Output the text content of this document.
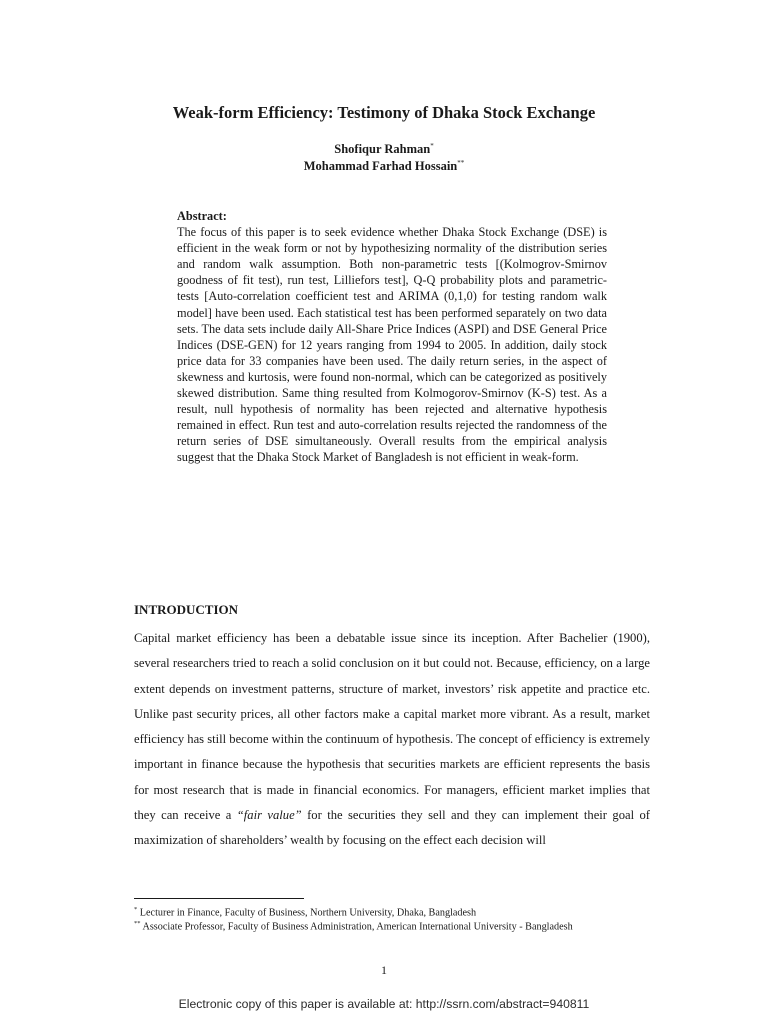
Weak-form Efficiency: Testimony of Dhaka Stock Exchange
Shofiqur Rahman*
Mohammad Farhad Hossain**
Abstract:
The focus of this paper is to seek evidence whether Dhaka Stock Exchange (DSE) is efficient in the weak form or not by hypothesizing normality of the distribution series and random walk assumption. Both non-parametric tests [(Kolmogrov-Smirnov goodness of fit test), run test, Lilliefors test], Q-Q probability plots and parametric-tests [Auto-correlation coefficient test and ARIMA (0,1,0) for testing random walk model] have been used. Each statistical test has been performed separately on two data sets. The data sets include daily All-Share Price Indices (ASPI) and DSE General Price Indices (DSE-GEN) for 12 years ranging from 1994 to 2005. In addition, daily stock price data for 33 companies have been used. The daily return series, in the aspect of skewness and kurtosis, were found non-normal, which can be categorized as positively skewed distribution. Same thing resulted from Kolmogorov-Smirnov (K-S) test. As a result, null hypothesis of normality has been rejected and alternative hypothesis remained in effect. Run test and auto-correlation results rejected the randomness of the return series of DSE simultaneously. Overall results from the empirical analysis suggest that the Dhaka Stock Market of Bangladesh is not efficient in weak-form.
INTRODUCTION
Capital market efficiency has been a debatable issue since its inception. After Bachelier (1900), several researchers tried to reach a solid conclusion on it but could not. Because, efficiency, on a large extent depends on investment patterns, structure of market, investors’ risk appetite and practice etc. Unlike past security prices, all other factors make a capital market more vibrant. As a result, market efficiency has still become within the continuum of hypothesis. The concept of efficiency is extremely important in finance because the hypothesis that securities markets are efficient represents the basis for most research that is made in financial economics. For managers, efficient market implies that they can receive a “fair value” for the securities they sell and they can implement their goal of maximization of shareholders’ wealth by focusing on the effect each decision will
* Lecturer in Finance, Faculty of Business, Northern University, Dhaka, Bangladesh
** Associate Professor, Faculty of Business Administration, American International University - Bangladesh
1
Electronic copy of this paper is available at: http://ssrn.com/abstract=940811
